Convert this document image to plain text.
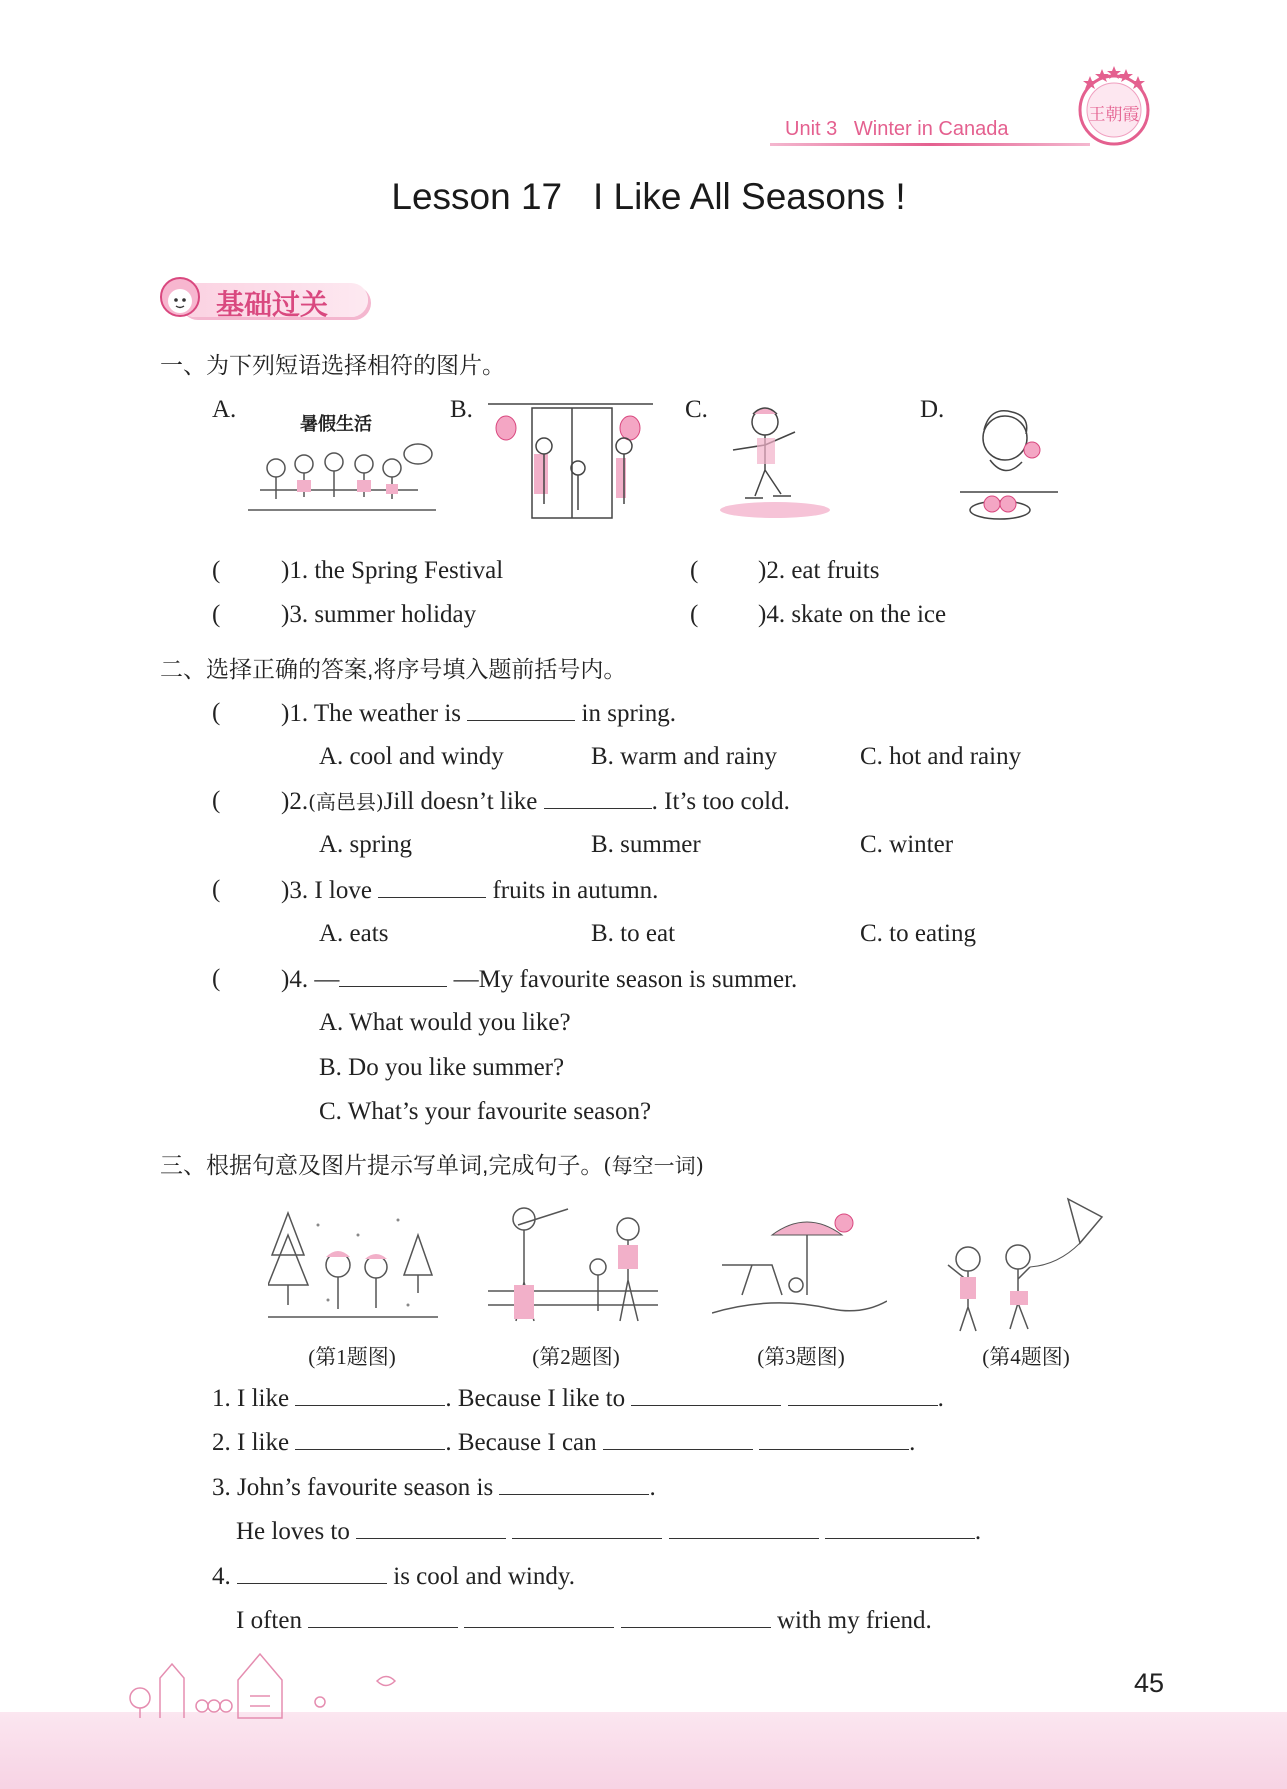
Unit 3 Winter in Canada
王朝霞
Lesson 17   I Like All Seasons !
基础过关
一、为下列短语选择相符的图片。
A.	B.	C.	D.
暑假生活
( )1. the Spring Festival	( )2. eat fruits
( )3. summer holiday	( )4. skate on the ice
二、选择正确的答案,将序号填入题前括号内。
( )1. The weather is	in spring.
A. cool and windy	B. warm and rainy	C. hot and rainy
( )2.(高邑县)Jill doesn’t like	. It’s too cold.
A. spring	B. summer	C. winter
( )3. I love	fruits in autumn.
A. eats	B. to eat	C. to eating
( )4. —	—My favourite season is summer.
A. What would you like?
B. Do you like summer?
C. What’s your favourite season?
三、根据句意及图片提示写单词,完成句子。(每空一词)
(第1题图)	(第2题图)	(第3题图)	(第4题图)
1. I like	. Because I like to	.
2. I like	. Because I can	.
3. John’s favourite season is	.
He loves to	.
4.	is cool and windy.
I often	with my friend.
45
